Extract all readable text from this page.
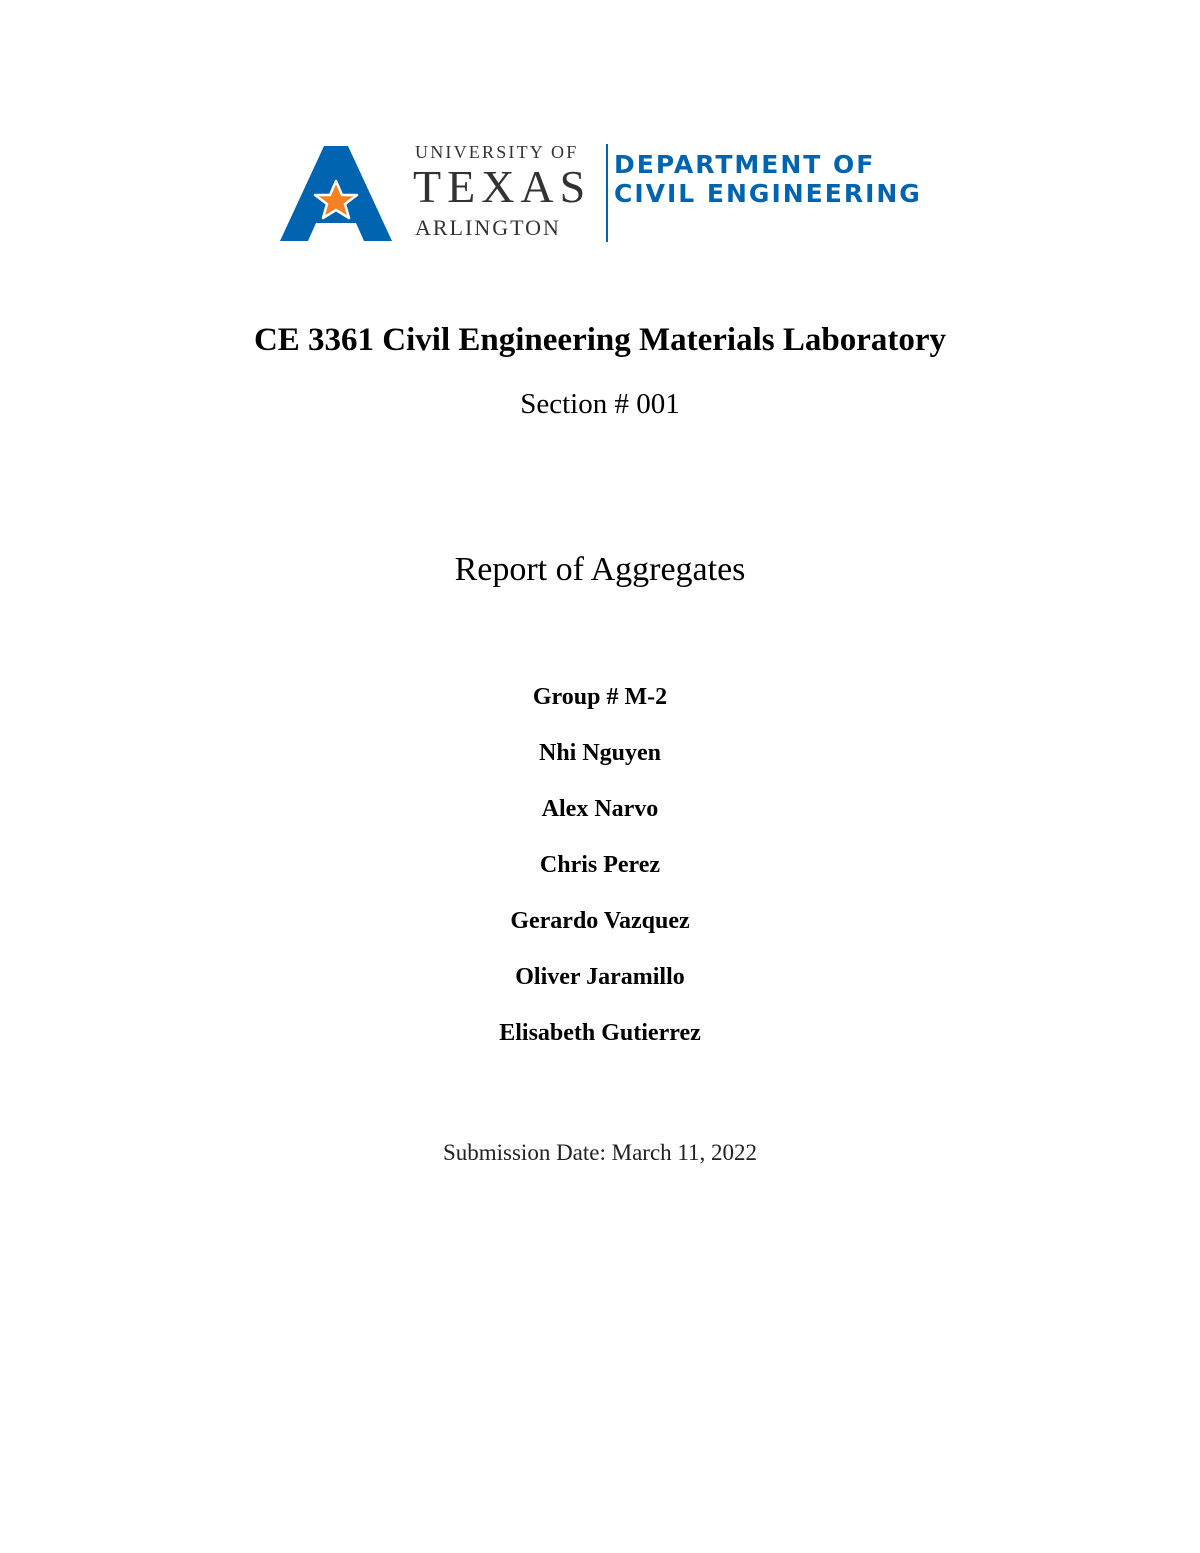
UNIVERSITY OF
TEXAS
ARLINGTON
DEPARTMENT OF
CIVIL ENGINEERING
CE 3361 Civil Engineering Materials Laboratory
Section # 001
Report of Aggregates
Group # M-2
Nhi Nguyen
Alex Narvo
Chris Perez
Gerardo Vazquez
Oliver Jaramillo
Elisabeth Gutierrez
Submission Date: March 11, 2022
